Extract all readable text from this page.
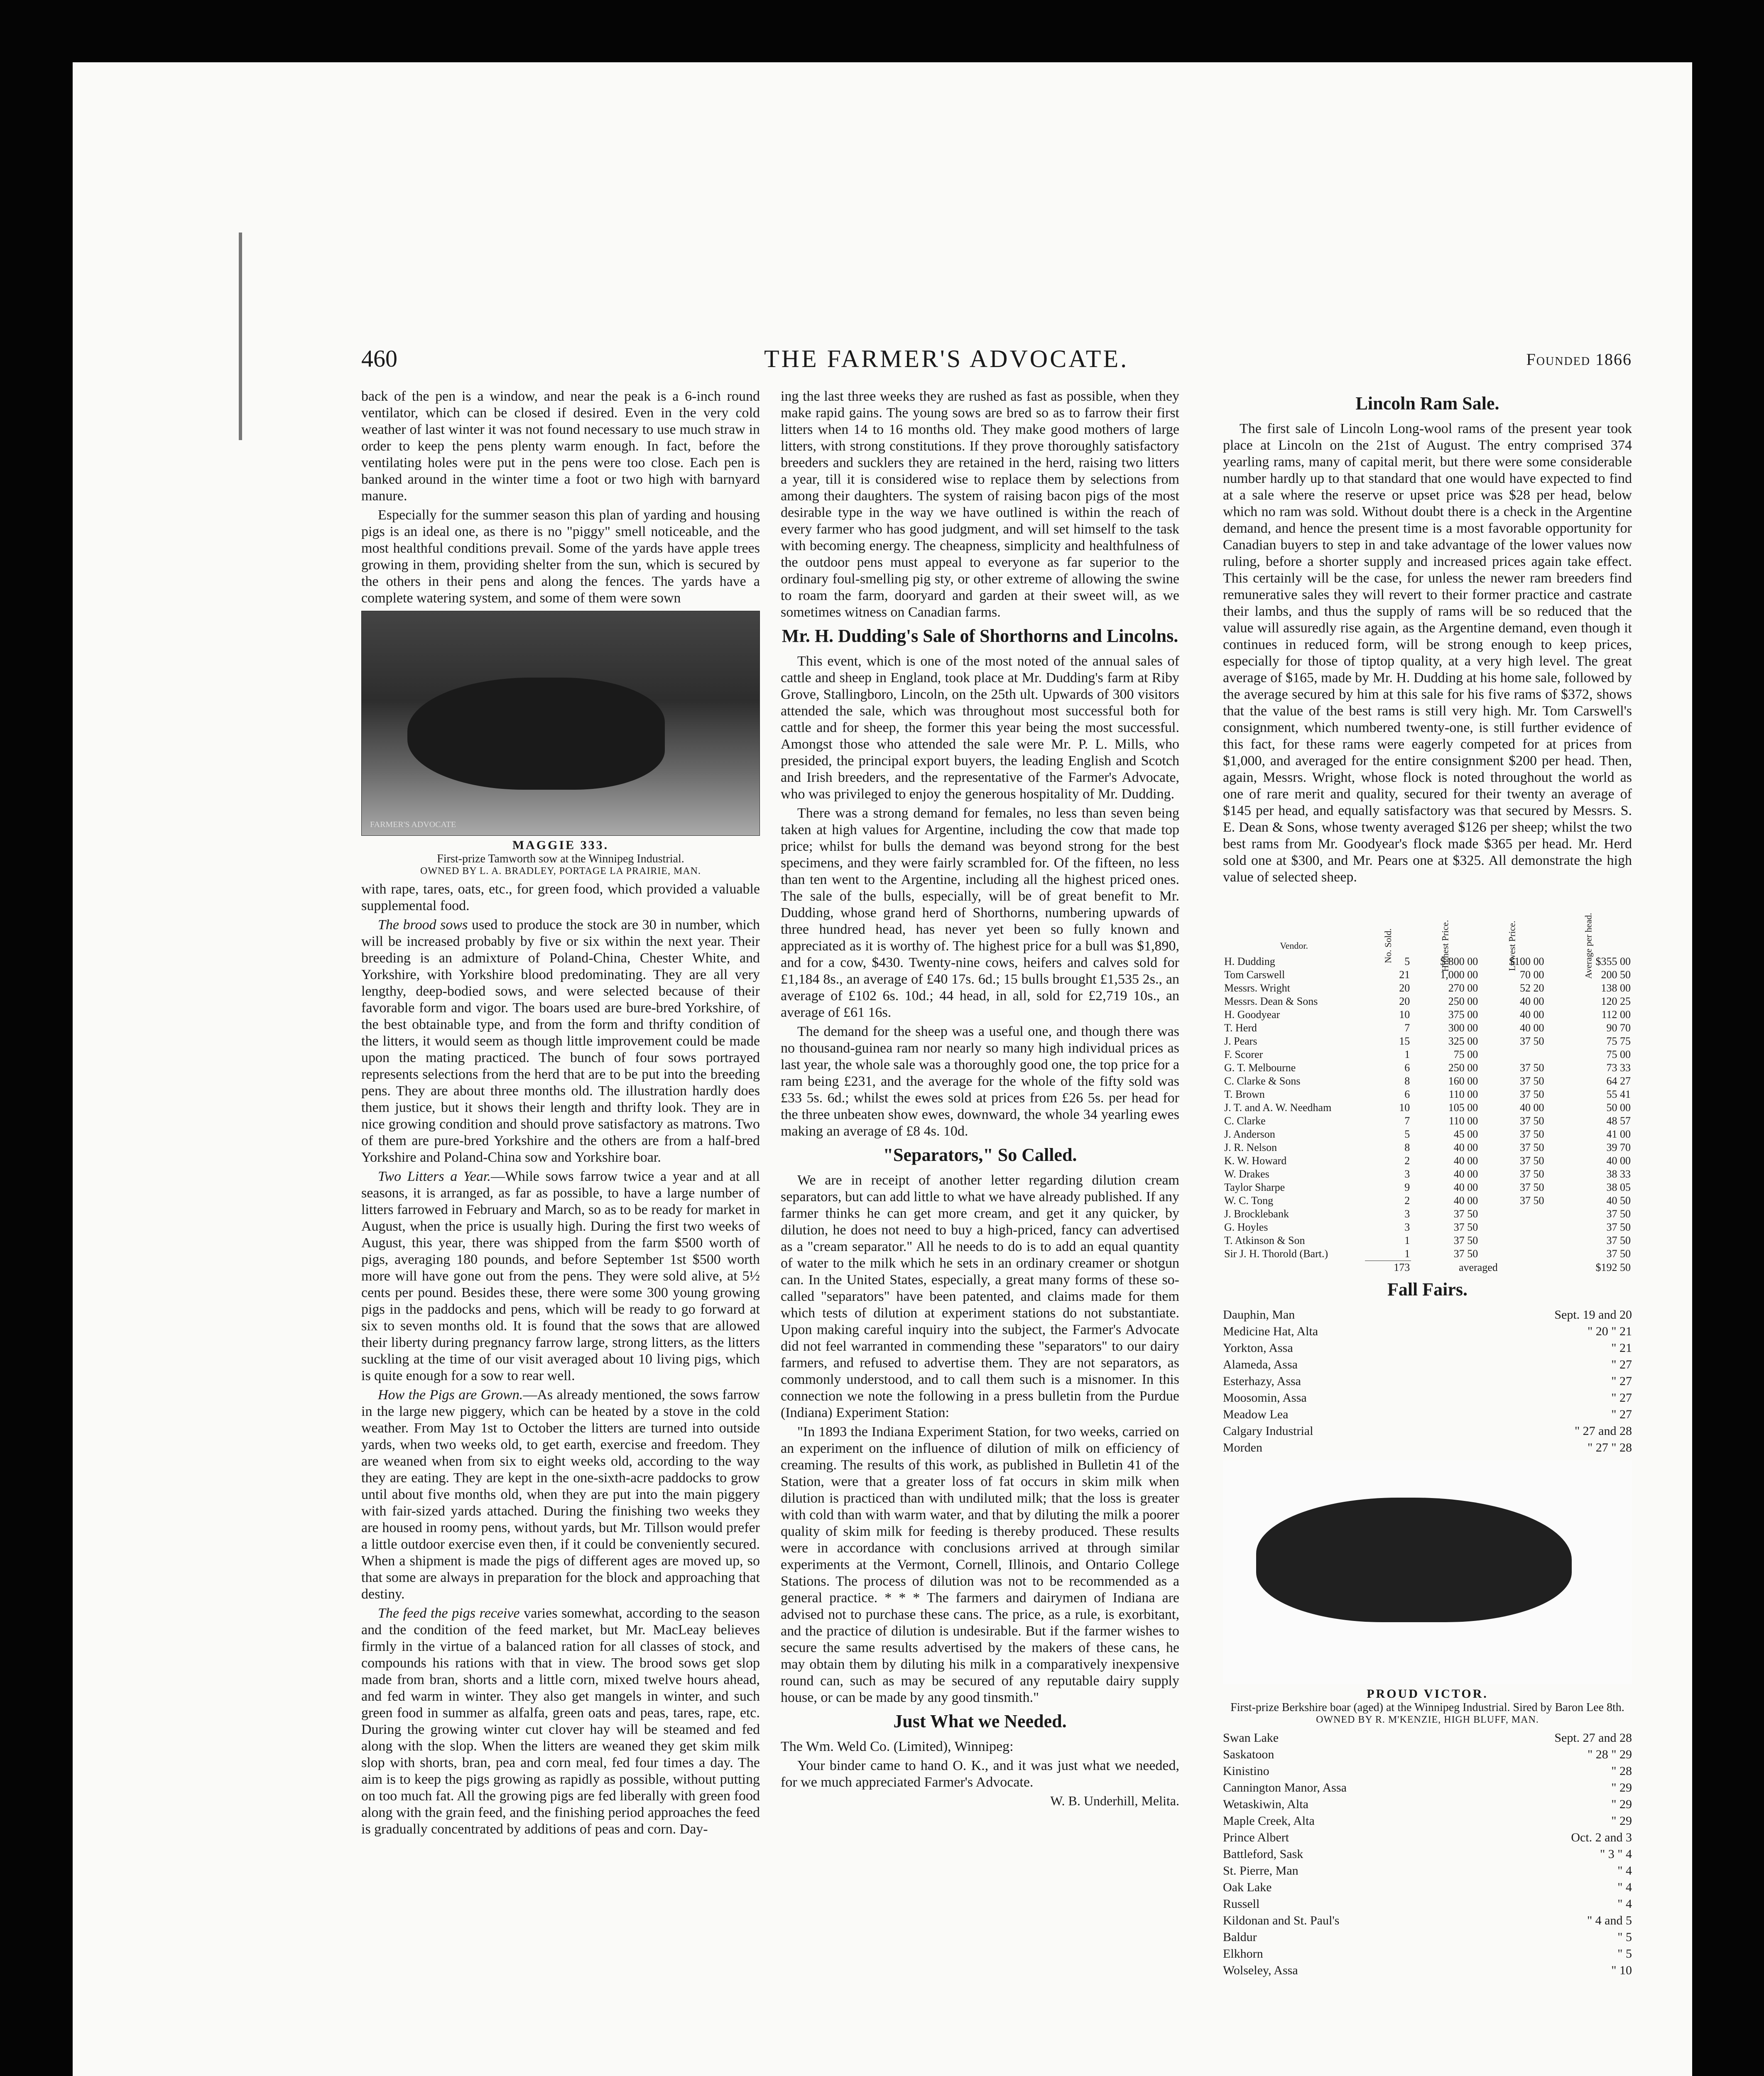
460	THE FARMER'S ADVOCATE.	Founded 1866

back of the pen is a window, and near the peak is a 6-inch round ventilator, which can be closed if desired. Even in the very cold weather of last winter it was not found necessary to use much straw in order to keep the pens plenty warm enough. In fact, before the ventilating holes were put in the pens were too close. Each pen is banked around in the winter time a foot or two high with barnyard manure.

Especially for the summer season this plan of yarding and housing pigs is an ideal one, as there is no "piggy" smell noticeable, and the most healthful conditions prevail. Some of the yards have apple trees growing in them, providing shelter from the sun, which is secured by the others in their pens and along the fences. The yards have a complete watering system, and some of them were sown

FARMER'S ADVOCATE
MAGGIE 333.
First-prize Tamworth sow at the Winnipeg Industrial.
OWNED BY L. A. BRADLEY, PORTAGE LA PRAIRIE, MAN.

with rape, tares, oats, etc., for green food, which provided a valuable supplemental food.

The brood sows used to produce the stock are 30 in number, which will be increased probably by five or six within the next year. Their breeding is an admixture of Poland-China, Chester White, and Yorkshire, with Yorkshire blood predominating. They are all very lengthy, deep-bodied sows, and were selected because of their favorable form and vigor. The boars used are bure-bred Yorkshire, of the best obtainable type, and from the form and thrifty condition of the litters, it would seem as though little improvement could be made upon the mating practiced. The bunch of four sows portrayed represents selections from the herd that are to be put into the breeding pens. They are about three months old. The illustration hardly does them justice, but it shows their length and thrifty look. They are in nice growing condition and should prove satisfactory as matrons. Two of them are pure-bred Yorkshire and the others are from a half-bred Yorkshire and Poland-China sow and Yorkshire boar.

Two Litters a Year.—While sows farrow twice a year and at all seasons, it is arranged, as far as possible, to have a large number of litters farrowed in February and March, so as to be ready for market in August, when the price is usually high. During the first two weeks of August, this year, there was shipped from the farm $500 worth of pigs, averaging 180 pounds, and before September 1st $500 worth more will have gone out from the pens. They were sold alive, at 5½ cents per pound. Besides these, there were some 300 young growing pigs in the paddocks and pens, which will be ready to go forward at six to seven months old. It is found that the sows that are allowed their liberty during pregnancy farrow large, strong litters, as the litters suckling at the time of our visit averaged about 10 living pigs, which is quite enough for a sow to rear well.

How the Pigs are Grown.—As already mentioned, the sows farrow in the large new piggery, which can be heated by a stove in the cold weather. From May 1st to October the litters are turned into outside yards, when two weeks old, to get earth, exercise and freedom. They are weaned when from six to eight weeks old, according to the way they are eating. They are kept in the one-sixth-acre paddocks to grow until about five months old, when they are put into the main piggery with fair-sized yards attached. During the finishing two weeks they are housed in roomy pens, without yards, but Mr. Tillson would prefer a little outdoor exercise even then, if it could be conveniently secured. When a shipment is made the pigs of different ages are moved up, so that some are always in preparation for the block and approaching that destiny.

The feed the pigs receive varies somewhat, according to the season and the condition of the feed market, but Mr. MacLeay believes firmly in the virtue of a balanced ration for all classes of stock, and compounds his rations with that in view. The brood sows get slop made from bran, shorts and a little corn, mixed twelve hours ahead, and fed warm in winter. They also get mangels in winter, and such green food in summer as alfalfa, green oats and peas, tares, rape, etc. During the growing winter cut clover hay will be steamed and fed along with the slop. When the litters are weaned they get skim milk slop with shorts, bran, pea and corn meal, fed four times a day. The aim is to keep the pigs growing as rapidly as possible, without putting on too much fat. All the growing pigs are fed liberally with green food along with the grain feed, and the finishing period approaches the feed is gradually concentrated by additions of peas and corn. Day-

ing the last three weeks they are rushed as fast as possible, when they make rapid gains. The young sows are bred so as to farrow their first litters when 14 to 16 months old. They make good mothers of large litters, with strong constitutions. If they prove thoroughly satisfactory breeders and sucklers they are retained in the herd, raising two litters a year, till it is considered wise to replace them by selections from among their daughters. The system of raising bacon pigs of the most desirable type in the way we have outlined is within the reach of every farmer who has good judgment, and will set himself to the task with becoming energy. The cheapness, simplicity and healthfulness of the outdoor pens must appeal to everyone as far superior to the ordinary foul-smelling pig sty, or other extreme of allowing the swine to roam the farm, dooryard and garden at their sweet will, as we sometimes witness on Canadian farms.

Mr. H. Dudding's Sale of Shorthorns and Lincolns.

This event, which is one of the most noted of the annual sales of cattle and sheep in England, took place at Mr. Dudding's farm at Riby Grove, Stallingboro, Lincoln, on the 25th ult. Upwards of 300 visitors attended the sale, which was throughout most successful both for cattle and for sheep, the former this year being the most successful. Amongst those who attended the sale were Mr. P. L. Mills, who presided, the principal export buyers, the leading English and Scotch and Irish breeders, and the representative of the Farmer's Advocate, who was privileged to enjoy the generous hospitality of Mr. Dudding.

There was a strong demand for females, no less than seven being taken at high values for Argentine, including the cow that made top price; whilst for bulls the demand was beyond strong for the best specimens, and they were fairly scrambled for. Of the fifteen, no less than ten went to the Argentine, including all the highest priced ones. The sale of the bulls, especially, will be of great benefit to Mr. Dudding, whose grand herd of Shorthorns, numbering upwards of three hundred head, has never yet been so fully known and appreciated as it is worthy of. The highest price for a bull was $1,890, and for a cow, $430. Twenty-nine cows, heifers and calves sold for £1,184 8s., an average of £40 17s. 6d.; 15 bulls brought £1,535 2s., an average of £102 6s. 10d.; 44 head, in all, sold for £2,719 10s., an average of £61 16s.

The demand for the sheep was a useful one, and though there was no thousand-guinea ram nor nearly so many high individual prices as last year, the whole sale was a thoroughly good one, the top price for a ram being £231, and the average for the whole of the fifty sold was £33 5s. 6d.; whilst the ewes sold at prices from £26 5s. per head for the three unbeaten show ewes, downward, the whole 34 yearling ewes making an average of £8 4s. 10d.

"Separators," So Called.

We are in receipt of another letter regarding dilution cream separators, but can add little to what we have already published. If any farmer thinks he can get more cream, and get it any quicker, by dilution, he does not need to buy a high-priced, fancy can advertised as a "cream separator." All he needs to do is to add an equal quantity of water to the milk which he sets in an ordinary creamer or shotgun can. In the United States, especially, a great many forms of these so-called "separators" have been patented, and claims made for them which tests of dilution at experiment stations do not substantiate. Upon making careful inquiry into the subject, the Farmer's Advocate did not feel warranted in commending these "separators" to our dairy farmers, and refused to advertise them. They are not separators, as commonly understood, and to call them such is a misnomer. In this connection we note the following in a press bulletin from the Purdue (Indiana) Experiment Station:

"In 1893 the Indiana Experiment Station, for two weeks, carried on an experiment on the influence of dilution of milk on efficiency of creaming. The results of this work, as published in Bulletin 41 of the Station, were that a greater loss of fat occurs in skim milk when dilution is practiced than with undiluted milk; that the loss is greater with cold than with warm water, and that by diluting the milk a poorer quality of skim milk for feeding is thereby produced. These results were in accordance with conclusions arrived at through similar experiments at the Vermont, Cornell, Illinois, and Ontario College Stations. The process of dilution was not to be recommended as a general practice. * * * The farmers and dairymen of Indiana are advised not to purchase these cans. The price, as a rule, is exorbitant, and the practice of dilution is undesirable. But if the farmer wishes to secure the same results advertised by the makers of these cans, he may obtain them by diluting his milk in a comparatively inexpensive round can, such as may be secured of any reputable dairy supply house, or can be made by any good tinsmith."

Just What we Needed.

The Wm. Weld Co. (Limited), Winnipeg:

Your binder came to hand O. K., and it was just what we needed, for we much appreciated Farmer's Advocate.

W. B. Underhill, Melita.
Lincoln Ram Sale.

The first sale of Lincoln Long-wool rams of the present year took place at Lincoln on the 21st of August. The entry comprised 374 yearling rams, many of capital merit, but there were some considerable number hardly up to that standard that one would have expected to find at a sale where the reserve or upset price was $28 per head, below which no ram was sold. Without doubt there is a check in the Argentine demand, and hence the present time is a most favorable opportunity for Canadian buyers to step in and take advantage of the lower values now ruling, before a shorter supply and increased prices again take effect. This certainly will be the case, for unless the newer ram breeders find remunerative sales they will revert to their former practice and castrate their lambs, and thus the supply of rams will be so reduced that the value will assuredly rise again, as the Argentine demand, even though it continues in reduced form, will be strong enough to keep prices, especially for those of tiptop quality, at a very high level. The great average of $165, made by Mr. H. Dudding at his home sale, followed by the average secured by him at this sale for his five rams of $372, shows that the value of the best rams is still very high. Mr. Tom Carswell's consignment, which numbered twenty-one, is still further evidence of this fact, for these rams were eagerly competed for at prices from $1,000, and averaged for the entire consignment $200 per head. Then, again, Messrs. Wright, whose flock is noted throughout the world as one of rare merit and quality, secured for their twenty an average of $145 per head, and equally satisfactory was that secured by Messrs. S. E. Dean & Sons, whose twenty averaged $126 per sheep; whilst the two best rams from Mr. Goodyear's flock made $365 per head. Mr. Herd sold one at $300, and Mr. Pears one at $325. All demonstrate the high value of selected sheep.

Vendor.	No. Sold.	Highest Price.	Lowest Price.	Average per head.
H. Dudding	5	$ 800 00	$100 00	$355 00
Tom Carswell	21	1,000 00	70 00	200 50
Messrs. Wright	20	270 00	52 20	138 00
Messrs. Dean & Sons	20	250 00	40 00	120 25
H. Goodyear	10	375 00	40 00	112 00
T. Herd	7	300 00	40 00	90 70
J. Pears	15	325 00	37 50	75 75
F. Scorer	1	75 00		75 00
G. T. Melbourne	6	250 00	37 50	73 33
C. Clarke & Sons	8	160 00	37 50	64 27
T. Brown	6	110 00	37 50	55 41
J. T. and A. W. Needham	10	105 00	40 00	50 00
C. Clarke	7	110 00	37 50	48 57
J. Anderson	5	45 00	37 50	41 00
J. R. Nelson	8	40 00	37 50	39 70
K. W. Howard	2	40 00	37 50	40 00
W. Drakes	3	40 00	37 50	38 33
Taylor Sharpe	9	40 00	37 50	38 05
W. C. Tong	2	40 00	37 50	40 50
J. Brocklebank	3	37 50		37 50
G. Hoyles	3	37 50		37 50
T. Atkinson & Son	1	37 50		37 50
Sir J. H. Thorold (Bart.)	1	37 50		37 50
	173	averaged		$192 50
Fall Fairs.
Dauphin, Man	Sept. 19 and 20
Medicine Hat, Alta	" 20 " 21
Yorkton, Assa	" 21
Alameda, Assa	" 27
Esterhazy, Assa	" 27
Moosomin, Assa	" 27
Meadow Lea	" 27
Calgary Industrial	" 27 and 28
Morden	" 27 " 28
PROUD VICTOR.
First-prize Berkshire boar (aged) at the Winnipeg Industrial. Sired by Baron Lee 8th.
OWNED BY R. M'KENZIE, HIGH BLUFF, MAN.
Swan Lake	Sept. 27 and 28
Saskatoon	" 28 " 29
Kinistino	" 28
Cannington Manor, Assa	" 29
Wetaskiwin, Alta	" 29
Maple Creek, Alta	" 29
Prince Albert	Oct. 2 and 3
Battleford, Sask	" 3 " 4
St. Pierre, Man	" 4
Oak Lake	" 4
Russell	" 4
Kildonan and St. Paul's	" 4 and 5
Baldur	" 5
Elkhorn	" 5
Wolseley, Assa	" 10
